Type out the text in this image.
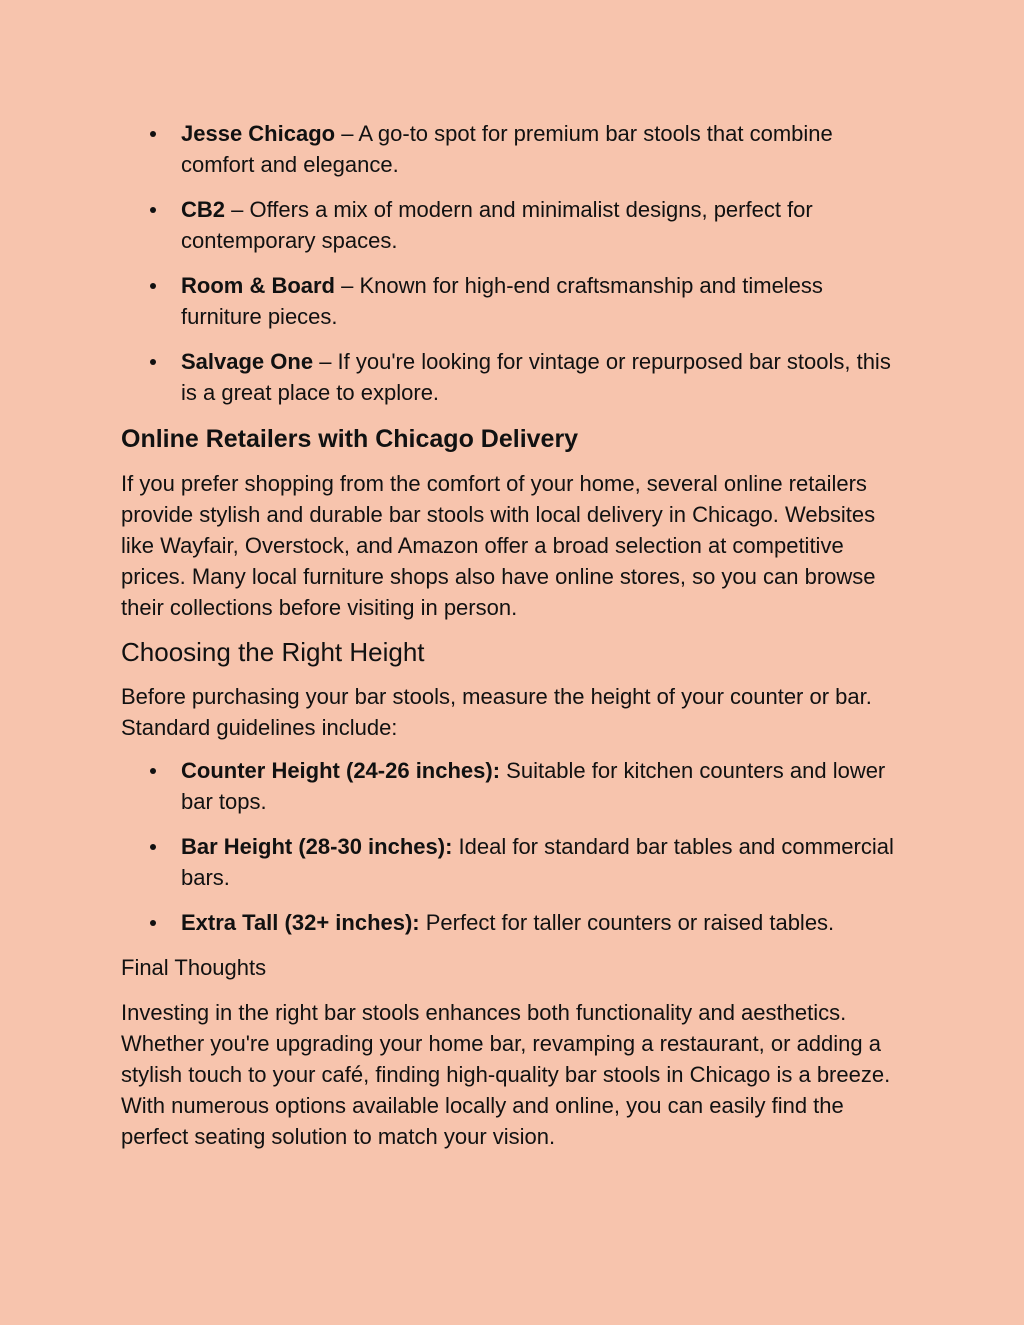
Jesse Chicago – A go-to spot for premium bar stools that combine comfort and elegance.
CB2 – Offers a mix of modern and minimalist designs, perfect for contemporary spaces.
Room & Board – Known for high-end craftsmanship and timeless furniture pieces.
Salvage One – If you're looking for vintage or repurposed bar stools, this is a great place to explore.
Online Retailers with Chicago Delivery

If you prefer shopping from the comfort of your home, several online retailers provide stylish and durable bar stools with local delivery in Chicago. Websites like Wayfair, Overstock, and Amazon offer a broad selection at competitive prices. Many local furniture shops also have online stores, so you can browse their collections before visiting in person.

Choosing the Right Height

Before purchasing your bar stools, measure the height of your counter or bar. Standard guidelines include:

Counter Height (24-26 inches): Suitable for kitchen counters and lower bar tops.
Bar Height (28-30 inches): Ideal for standard bar tables and commercial bars.
Extra Tall (32+ inches): Perfect for taller counters or raised tables.
Final Thoughts

Investing in the right bar stools enhances both functionality and aesthetics. Whether you're upgrading your home bar, revamping a restaurant, or adding a stylish touch to your café, finding high-quality bar stools in Chicago is a breeze. With numerous options available locally and online, you can easily find the perfect seating solution to match your vision.
